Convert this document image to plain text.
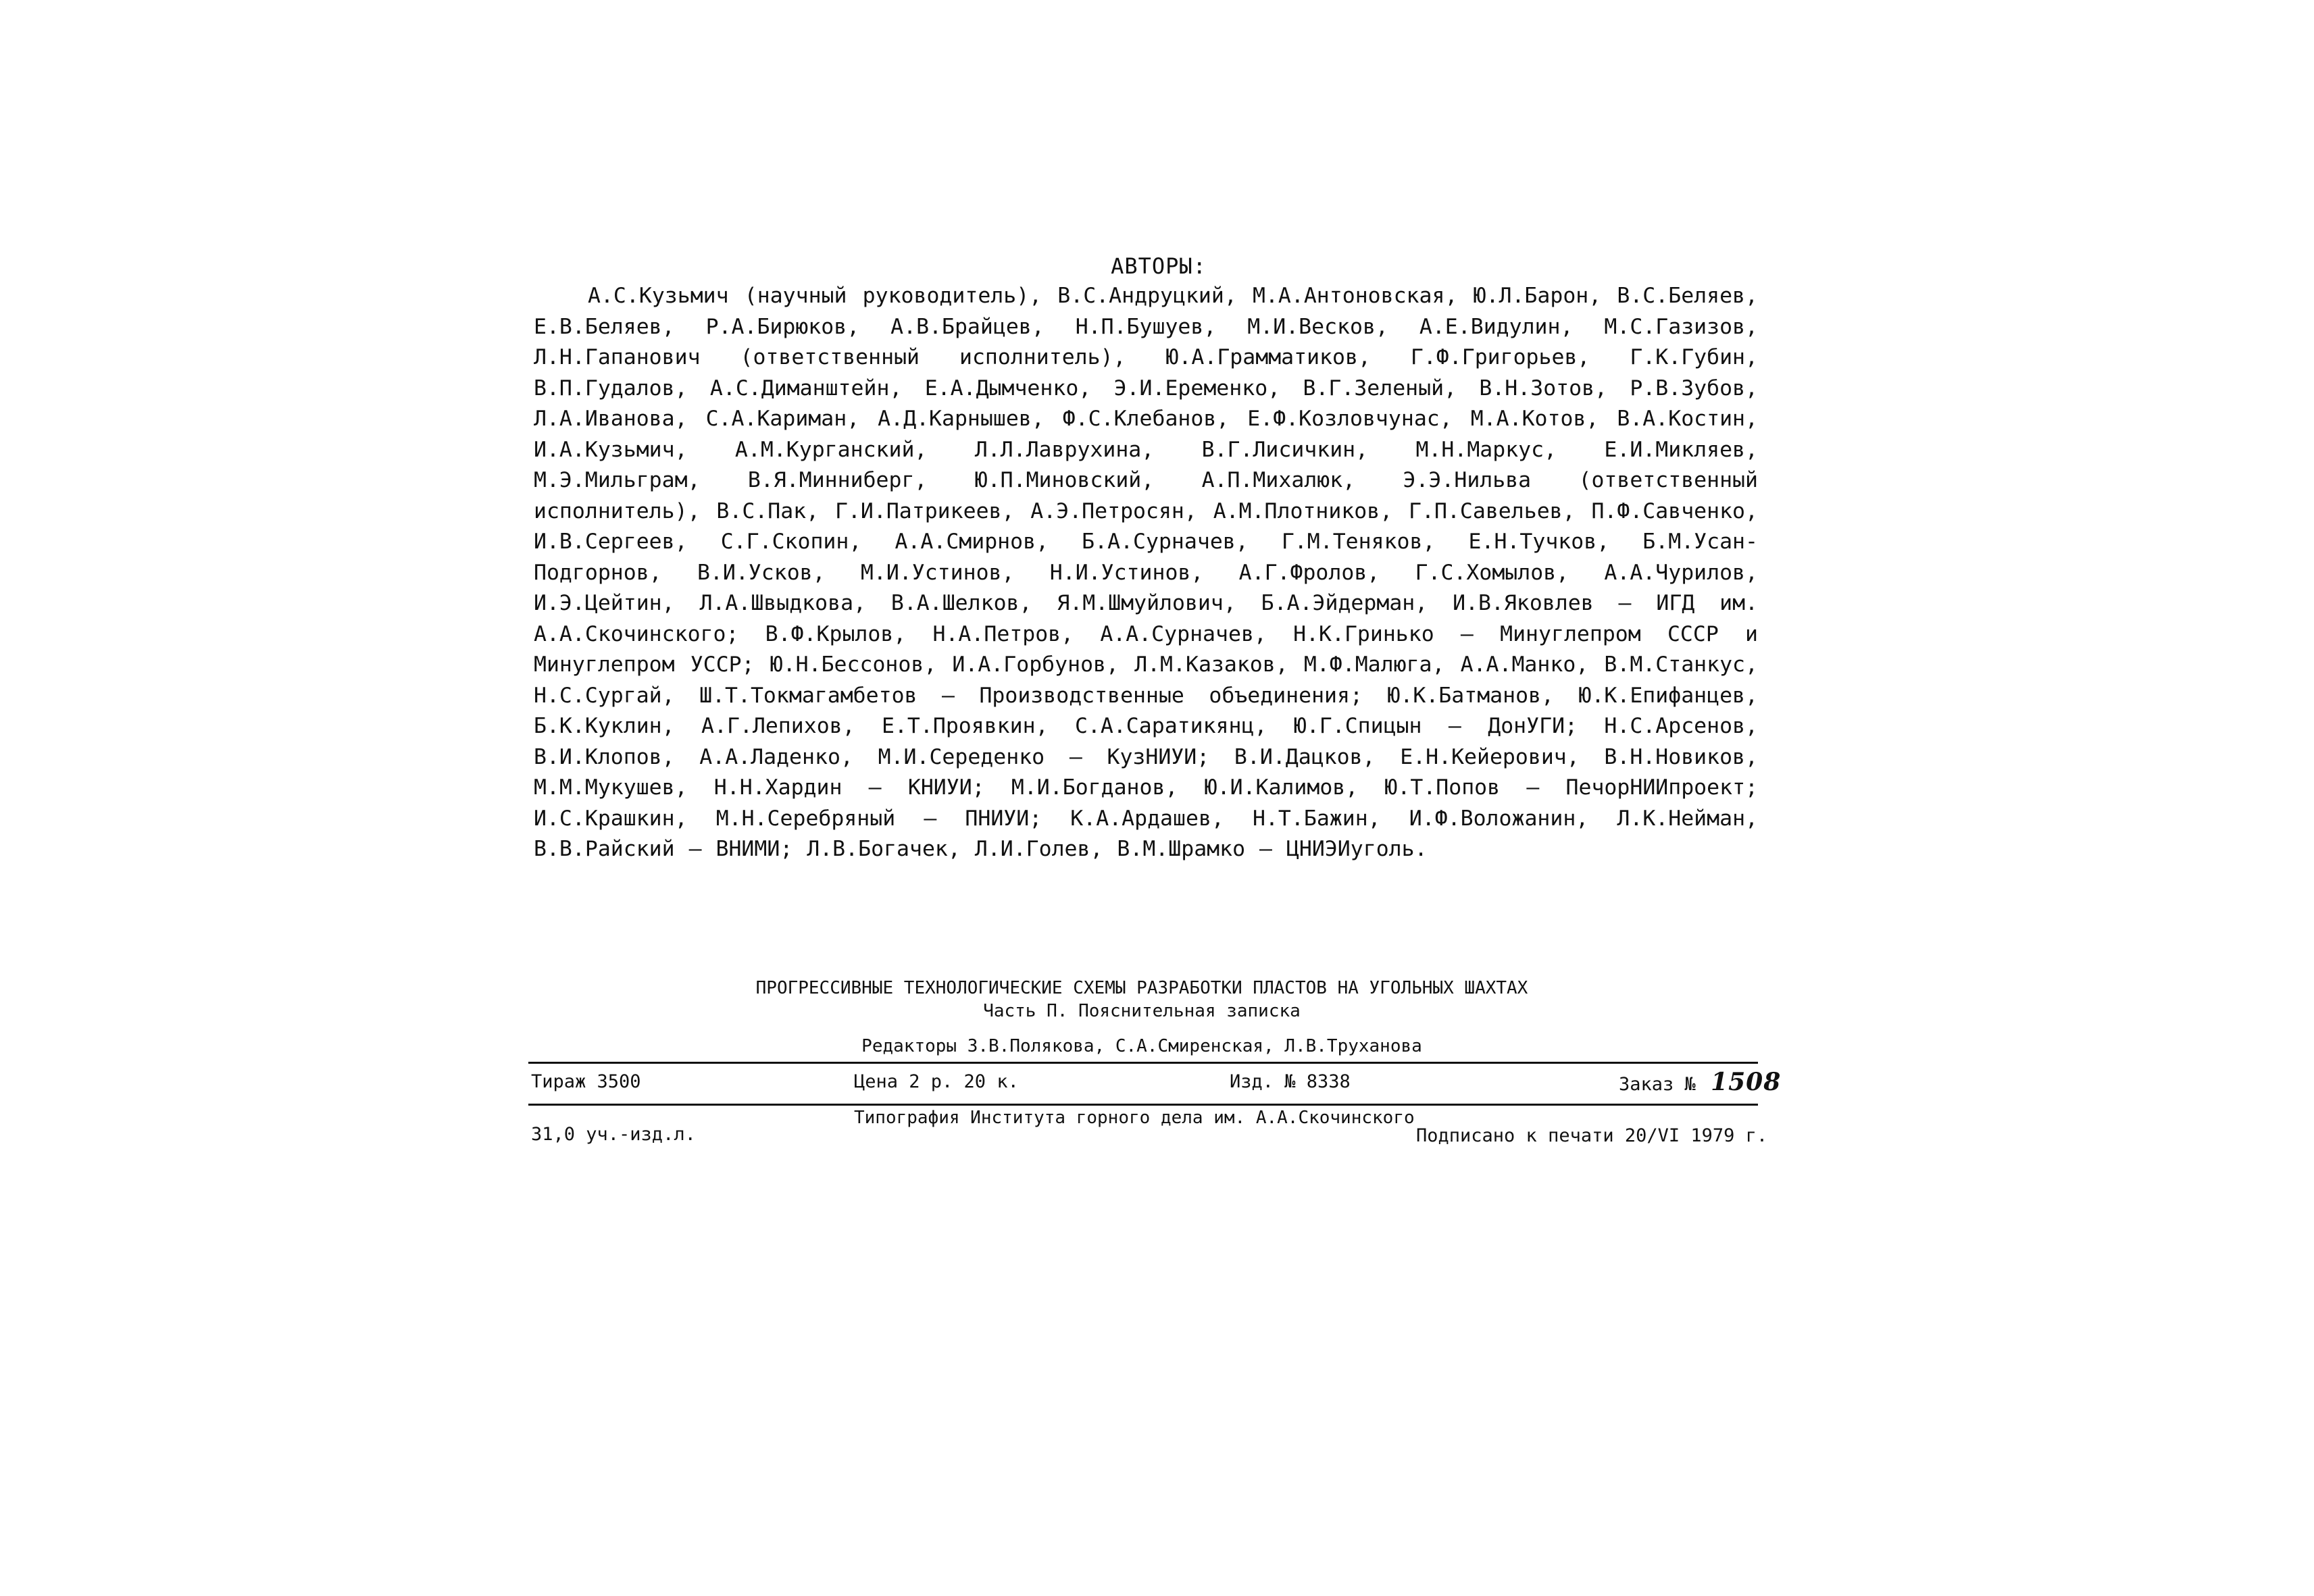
АВТОРЫ:

А.С.Кузьмич (научный руководитель), В.С.Андруцкий, М.А.Антоновская, Ю.Л.Барон, В.С.Беляев, Е.В.Беляев, Р.А.Бирюков, А.В.Брайцев, Н.П.Бушуев, М.И.Весков, А.Е.Видулин, М.С.Газизов, Л.Н.Гапанович (ответственный исполнитель), Ю.А.Грамматиков, Г.Ф.Григорьев, Г.К.Губин, В.П.Гудалов, А.С.Диманштейн, Е.А.Дымченко, Э.И.Еременко, В.Г.Зеленый, В.Н.Зотов, Р.В.Зубов, Л.А.Иванова, С.А.Кариман, А.Д.Карнышев, Ф.С.Клебанов, Е.Ф.Козловчунас, М.А.Котов, В.А.Костин, И.А.Кузьмич, А.М.Курганский, Л.Л.Лаврухина, В.Г.Лисичкин, М.Н.Маркус, Е.И.Микляев, М.Э.Мильграм, В.Я.Минниберг, Ю.П.Миновский, А.П.Михалюк, Э.Э.Нильва (ответственный исполнитель), В.С.Пак, Г.И.Патрикеев, А.Э.Петросян, А.М.Плотников, Г.П.Савельев, П.Ф.Савченко, И.В.Сергеев, С.Г.Скопин, А.А.Смирнов, Б.А.Сурначев, Г.М.Теняков, Е.Н.Тучков, Б.М.Усан-Подгорнов, В.И.Усков, М.И.Устинов, Н.И.Устинов, А.Г.Фролов, Г.С.Хомылов, А.А.Чурилов, И.Э.Цейтин, Л.А.Швыдкова, В.А.Шелков, Я.М.Шмуйлович, Б.А.Эйдерман, И.В.Яковлев – ИГД им. А.А.Скочинского; В.Ф.Крылов, Н.А.Петров, А.А.Сурначев, Н.К.Гринько – Минуглепром СССР и Минуглепром УССР; Ю.Н.Бессонов, И.А.Горбунов, Л.М.Казаков, М.Ф.Малюга, А.А.Манко, В.М.Станкус, Н.С.Сургай, Ш.Т.Токмагамбетов – Производственные объединения; Ю.К.Батманов, Ю.К.Епифанцев, Б.К.Куклин, А.Г.Лепихов, Е.Т.Проявкин, С.А.Саратикянц, Ю.Г.Спицын – ДонУГИ; Н.С.Арсенов, В.И.Клопов, А.А.Ладенко, М.И.Середенко – КузНИУИ; В.И.Дацков, Е.Н.Кейерович, В.Н.Новиков, М.М.Мукушев, Н.Н.Хардин – КНИУИ; М.И.Богданов, Ю.И.Калимов, Ю.Т.Попов – ПечорНИИпроект; И.С.Крашкин, М.Н.Серебряный – ПНИУИ; К.А.Ардашев, Н.Т.Бажин, И.Ф.Воложанин, Л.К.Нейман, В.В.Райский – ВНИМИ; Л.В.Богачек, Л.И.Голев, В.М.Шрамко – ЦНИЭИуголь.

ПРОГРЕССИВНЫЕ ТЕХНОЛОГИЧЕСКИЕ СХЕМЫ РАЗРАБОТКИ ПЛАСТОВ НА УГОЛЬНЫХ ШАХТАХ
Часть П. Пояснительная записка
Редакторы З.В.Полякова, С.А.Смиренская, Л.В.Труханова
Тираж 3500	Цена 2 р. 20 к.	Изд. № 8338	Заказ № 1508
Типография Института горного дела им. А.А.Скочинского
31,0 уч.-изд.л.	Подписано к печати 20/VI 1979 г.
